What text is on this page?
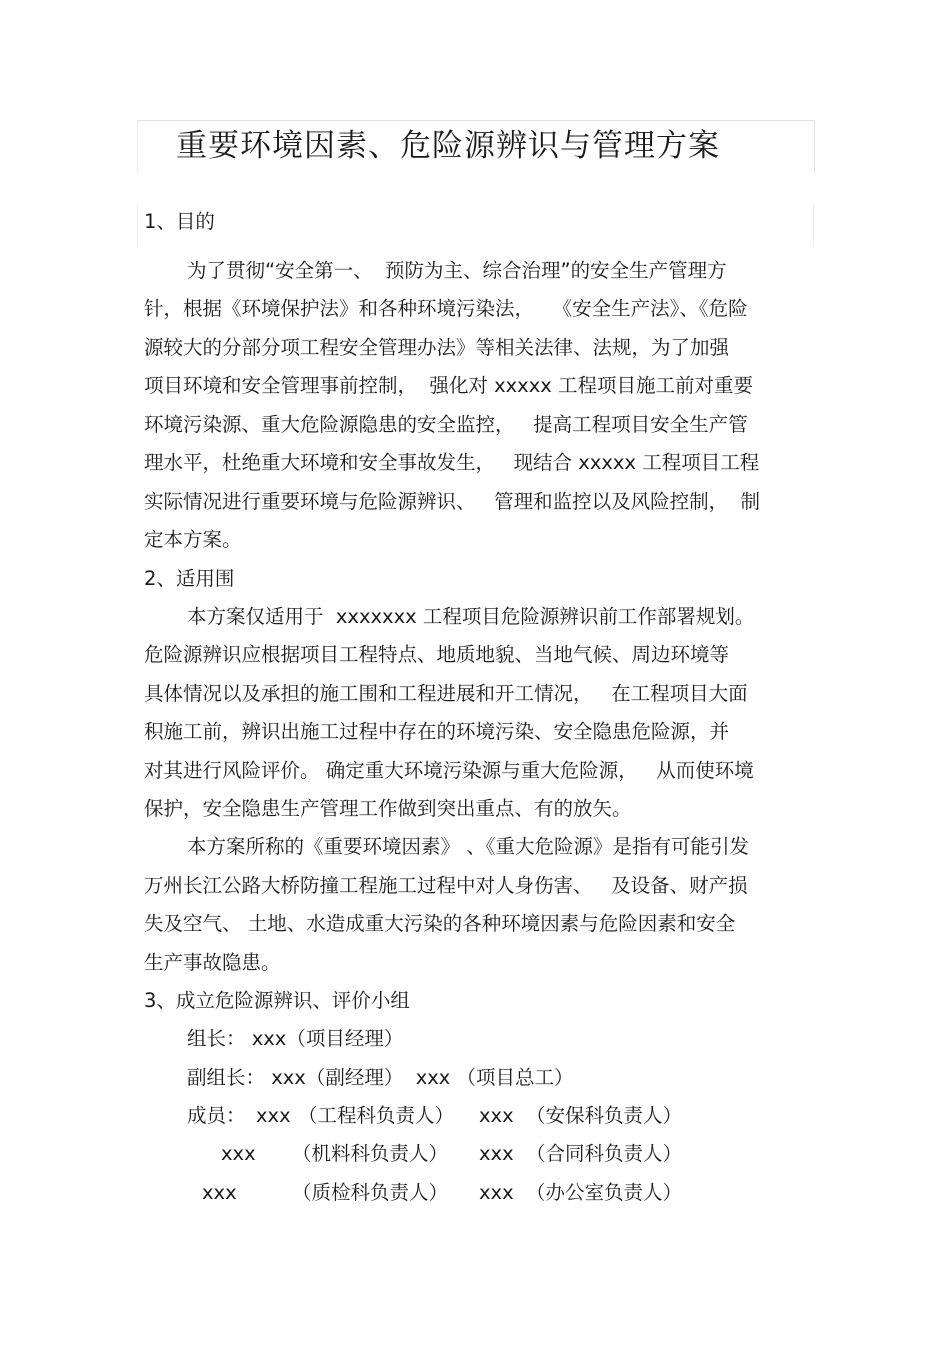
重要环境因素、危险源辨识与管理方案

1、目的

为了贯彻“安全第一、  预防为主、综合治理”的安全生产管理方

针，根据《环境保护法》和各种环境污染法，   《安全生产法》、《危险

源较大的分部分项工程安全管理办法》等相关法律、法规，为了加强

项目环境和安全管理事前控制，  强化对 xxxxx 工程项目施工前对重要

环境污染源、重大危险源隐患的安全监控，   提高工程项目安全生产管

理水平，杜绝重大环境和安全事故发生，   现结合 xxxxx 工程项目工程

实际情况进行重要环境与危险源辨识、   管理和监控以及风险控制，  制

定本方案。

2、适用围

本方案仅适用于  xxxxxxx 工程项目危险源辨识前工作部署规划。

危险源辨识应根据项目工程特点、地质地貌、当地气候、周边环境等

具体情况以及承担的施工围和工程进展和开工情况，   在工程项目大面

积施工前，辨识出施工过程中存在的环境污染、安全隐患危险源，并

对其进行风险评价。 确定重大环境污染源与重大危险源，   从而使环境

保护，安全隐患生产管理工作做到突出重点、有的放矢。

本方案所称的《重要环境因素》 、《重大危险源》是指有可能引发

万州长江公路大桥防撞工程施工过程中对人身伤害、   及设备、财产损

失及空气、 土地、水造成重大污染的各种环境因素与危险因素和安全

生产事故隐患。

3、成立危险源辨识、评价小组

组长： xxx（项目经理）

副组长： xxx（副经理）  xxx （项目总工）

成员： xxx （工程科负责人） xxx （安保科负责人）

xxx （机料科负责人） xxx （合同科负责人）

xxx	（质检科负责人） xxx （办公室负责人）
